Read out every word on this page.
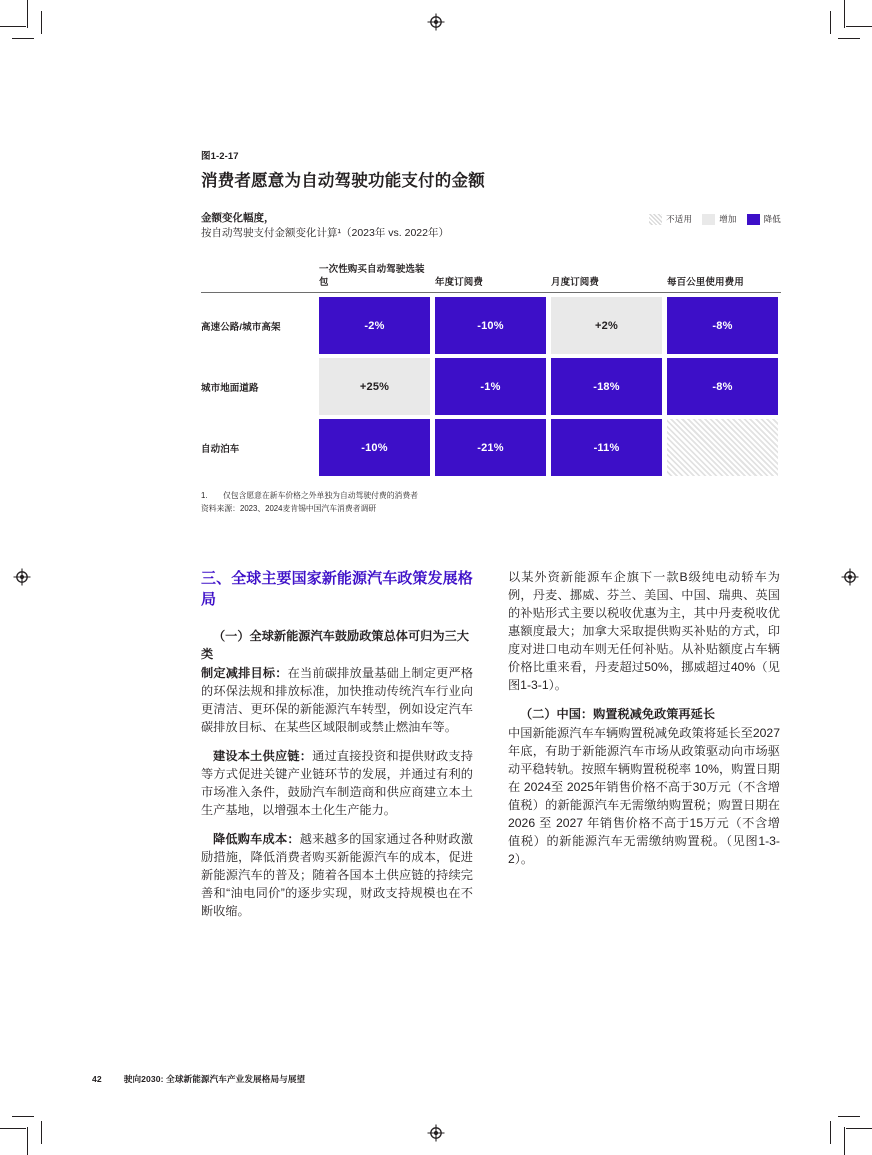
图1-2-17
消费者愿意为自动驾驶功能支付的金额
金额变化幅度，
按自动驾驶支付金额变化计算¹（2023年 vs. 2022年）
不适用	增加	降低
一次性购买自动驾驶选装包	年度订阅费	月度订阅费	每百公里使用费用
高速公路/城市高架	-2%	-10%	+2%	-8%
城市地面道路	+25%	-1%	-18%	-8%
自动泊车	-10%	-21%	-11%
1.	仅包含愿意在新车价格之外单独为自动驾驶付费的消费者
资料来源：2023、2024麦肯锡中国汽车消费者调研
三、全球主要国家新能源汽车政策发展格局
（一）全球新能源汽车鼓励政策总体可归为三大类

制定减排目标：在当前碳排放量基础上制定更严格的环保法规和排放标准，加快推动传统汽车行业向更清洁、更环保的新能源汽车转型，例如设定汽车碳排放目标、在某些区域限制或禁止燃油车等。

建设本土供应链：通过直接投资和提供财政支持等方式促进关键产业链环节的发展，并通过有利的市场准入条件，鼓励汽车制造商和供应商建立本土生产基地，以增强本土化生产能力。

降低购车成本：越来越多的国家通过各种财政激励措施，降低消费者购买新能源汽车的成本，促进新能源汽车的普及；随着各国本土供应链的持续完善和“油电同价”的逐步实现，财政支持规模也在不断收缩。

以某外资新能源车企旗下一款B级纯电动轿车为例，丹麦、挪威、芬兰、美国、中国、瑞典、英国的补贴形式主要以税收优惠为主，其中丹麦税收优惠额度最大；加拿大采取提供购买补贴的方式，印度对进口电动车则无任何补贴。从补贴额度占车辆价格比重来看，丹麦超过50%，挪威超过40%（见图1-3-1）。

（二）中国：购置税减免政策再延长

中国新能源汽车车辆购置税减免政策将延长至2027年底，有助于新能源汽车市场从政策驱动向市场驱动平稳转轨。按照车辆购置税税率 10%，购置日期在 2024至 2025年销售价格不高于30万元（不含增值税）的新能源汽车无需缴纳购置税；购置日期在2026 至 2027 年销售价格不高于15万元（不含增值税）的新能源汽车无需缴纳购置税。（见图1-3-2）。

42	驶向2030: 全球新能源汽车产业发展格局与展望
